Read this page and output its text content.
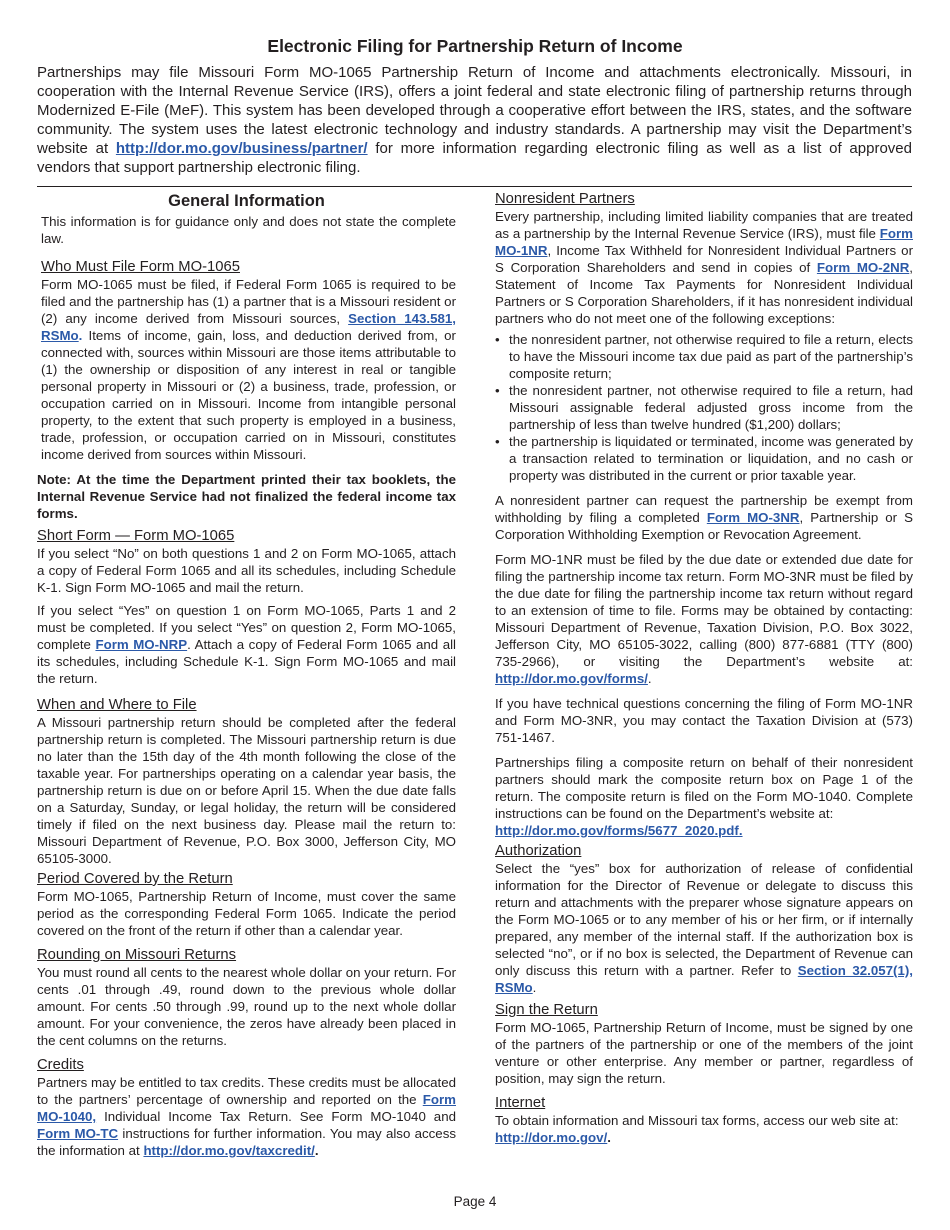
Electronic Filing for Partnership Return of Income

Partnerships may file Missouri Form MO-1065 Partnership Return of Income and attachments electronically. Missouri, in cooperation with the Internal Revenue Service (IRS), offers a joint federal and state electronic filing of partnership returns through Modernized E-File (MeF). This system has been developed through a cooperative effort between the IRS, states, and the software community. The system uses the latest electronic technology and industry standards. A partnership may visit the Department’s website at http://dor.mo.gov/business/partner/ for more information regarding electronic filing as well as a list of approved vendors that support partnership electronic filing.

General Information

This information is for guidance only and does not state the complete law.

Who Must File Form MO-1065

Form MO-1065 must be filed, if Federal Form 1065 is required to be filed and the partnership has (1) a partner that is a Missouri resident or (2) any income derived from Missouri sources, Section 143.581, RSMo. Items of income, gain, loss, and deduction derived from, or connected with, sources within Missouri are those items attributable to (1) the ownership or disposition of any interest in real or tangible personal property in Missouri or (2) a business, trade, profession, or occupation carried on in Missouri. Income from intangible personal property, to the extent that such property is employed in a business, trade, profession, or occupation carried on in Missouri, constitutes income derived from sources within Missouri.

Note: At the time the Department printed their tax booklets, the Internal Revenue Service had not finalized the federal income tax forms.

Short Form — Form MO-1065

If you select “No” on both questions 1 and 2 on Form MO-1065, attach a copy of Federal Form 1065 and all its schedules, including Schedule K-1. Sign Form MO-1065 and mail the return.

If you select “Yes” on question 1 on Form MO-1065, Parts 1 and 2 must be completed. If you select “Yes” on question 2, Form MO-1065, complete Form MO-NRP. Attach a copy of Federal Form 1065 and all its schedules, including Schedule K-1. Sign Form MO-1065 and mail the return.

When and Where to File

A Missouri partnership return should be completed after the federal partnership return is completed. The Missouri partnership return is due no later than the 15th day of the 4th month following the close of the taxable year. For partnerships operating on a calendar year basis, the partnership return is due on or before April 15. When the due date falls on a Saturday, Sunday, or legal holiday, the return will be considered timely if filed on the next business day. Please mail the return to: Missouri Department of Revenue, P.O. Box 3000, Jefferson City, MO 65105-3000.

Period Covered by the Return

Form MO-1065, Partnership Return of Income, must cover the same period as the corresponding Federal Form 1065. Indicate the period covered on the front of the return if other than a calendar year.

Rounding on Missouri Returns

You must round all cents to the nearest whole dollar on your return. For cents .01 through .49, round down to the previous whole dollar amount. For cents .50 through .99, round up to the next whole dollar amount. For your convenience, the zeros have already been placed in the cent columns on the returns.

Credits

Partners may be entitled to tax credits. These credits must be allocated to the partners’ percentage of ownership and reported on the Form MO-1040, Individual Income Tax Return. See Form MO-1040 and Form MO-TC instructions for further information. You may also access the information at http://dor.mo.gov/taxcredit/.

Nonresident Partners

Every partnership, including limited liability companies that are treated as a partnership by the Internal Revenue Service (IRS), must file Form MO-1NR, Income Tax Withheld for Nonresident Individual Partners or S Corporation Shareholders and send in copies of Form MO-2NR, Statement of Income Tax Payments for Nonresident Individual Partners or S Corporation Shareholders, if it has nonresident individual partners who do not meet one of the following exceptions:

• the nonresident partner, not otherwise required to file a return, elects to have the Missouri income tax due paid as part of the partnership’s composite return;
• the nonresident partner, not otherwise required to file a return, had Missouri assignable federal adjusted gross income from the partnership of less than twelve hundred ($1,200) dollars;
• the partnership is liquidated or terminated, income was generated by a transaction related to termination or liquidation, and no cash or property was distributed in the current or prior taxable year.

A nonresident partner can request the partnership be exempt from withholding by filing a completed Form MO-3NR, Partnership or S Corporation Withholding Exemption or Revocation Agreement.

Form MO-1NR must be filed by the due date or extended due date for filing the partnership income tax return. Form MO-3NR must be filed by the due date for filing the partnership income tax return without regard to an extension of time to file. Forms may be obtained by contacting: Missouri Department of Revenue, Taxation Division, P.O. Box 3022, Jefferson City, MO 65105-3022, calling (800) 877-6881 (TTY (800) 735-2966), or visiting the Department’s website at: http://dor.mo.gov/forms/.

If you have technical questions concerning the filing of Form MO-1NR and Form MO-3NR, you may contact the Taxation Division at (573) 751-1467.

Partnerships filing a composite return on behalf of their nonresident partners should mark the composite return box on Page 1 of the return. The composite return is filed on the Form MO-1040. Complete instructions can be found on the Department’s website at:
http://dor.mo.gov/forms/5677_2020.pdf.

Authorization

Select the “yes” box for authorization of release of confidential information for the Director of Revenue or delegate to discuss this return and attachments with the preparer whose signature appears on the Form MO-1065 or to any member of his or her firm, or if internally prepared, any member of the internal staff. If the authorization box is selected “no”, or if no box is selected, the Department of Revenue can only discuss this return with a partner. Refer to Section 32.057(1), RSMo.

Sign the Return

Form MO-1065, Partnership Return of Income, must be signed by one of the partners of the partnership or one of the members of the joint venture or other enterprise. Any member or partner, regardless of position, may sign the return.

Internet

To obtain information and Missouri tax forms, access our web site at:
http://dor.mo.gov/.

Page 4
